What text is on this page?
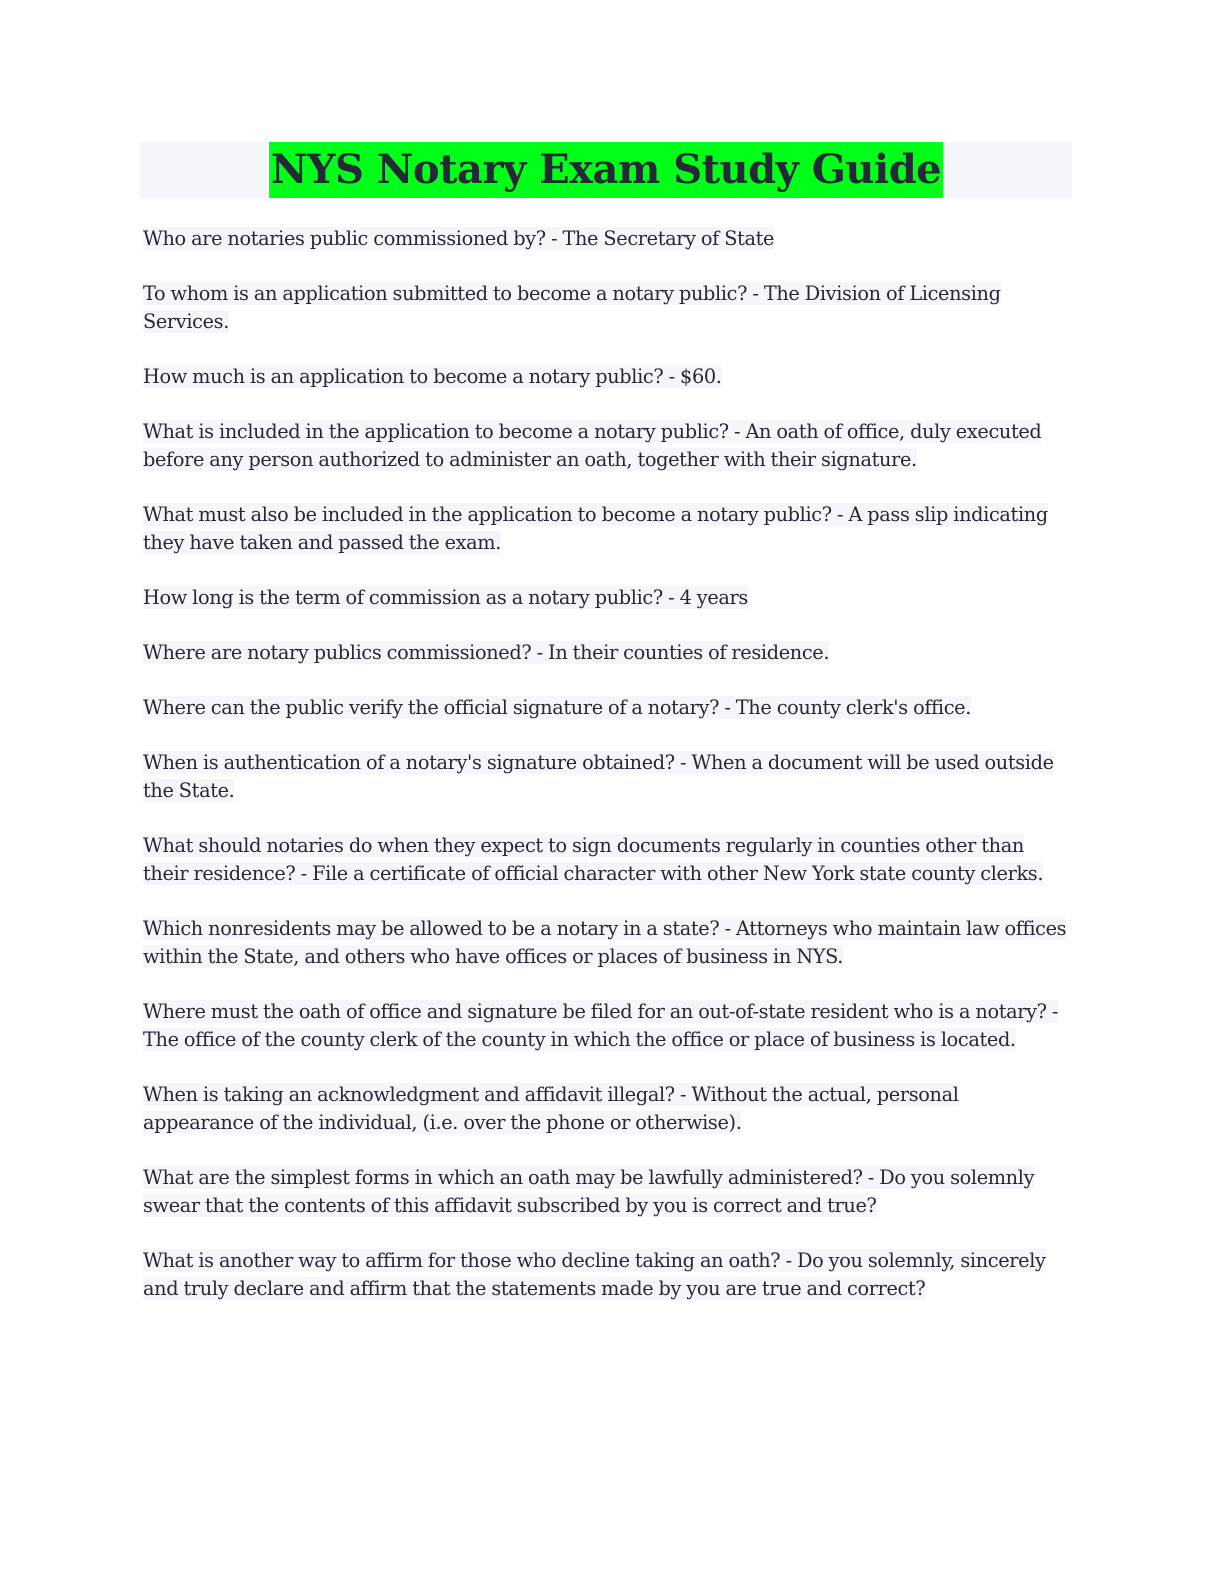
NYS Notary Exam Study Guide

Who are notaries public commissioned by? - The Secretary of State

To whom is an application submitted to become a notary public? - The Division of Licensing Services.

How much is an application to become a notary public? - $60.

What is included in the application to become a notary public? - An oath of office, duly executed before any person authorized to administer an oath, together with their signature.

What must also be included in the application to become a notary public? - A pass slip indicating they have taken and passed the exam.

How long is the term of commission as a notary public? - 4 years

Where are notary publics commissioned? - In their counties of residence.

Where can the public verify the official signature of a notary? - The county clerk's office.

When is authentication of a notary's signature obtained? - When a document will be used outside the State.

What should notaries do when they expect to sign documents regularly in counties other than their residence? - File a certificate of official character with other New York state county clerks.

Which nonresidents may be allowed to be a notary in a state? - Attorneys who maintain law offices within the State, and others who have offices or places of business in NYS.

Where must the oath of office and signature be filed for an out-of-state resident who is a notary? - The office of the county clerk of the county in which the office or place of business is located.

When is taking an acknowledgment and affidavit illegal? - Without the actual, personal appearance of the individual, (i.e. over the phone or otherwise).

What are the simplest forms in which an oath may be lawfully administered? - Do you solemnly swear that the contents of this affidavit subscribed by you is correct and true?

What is another way to affirm for those who decline taking an oath? - Do you solemnly, sincerely and truly declare and affirm that the statements made by you are true and correct?
